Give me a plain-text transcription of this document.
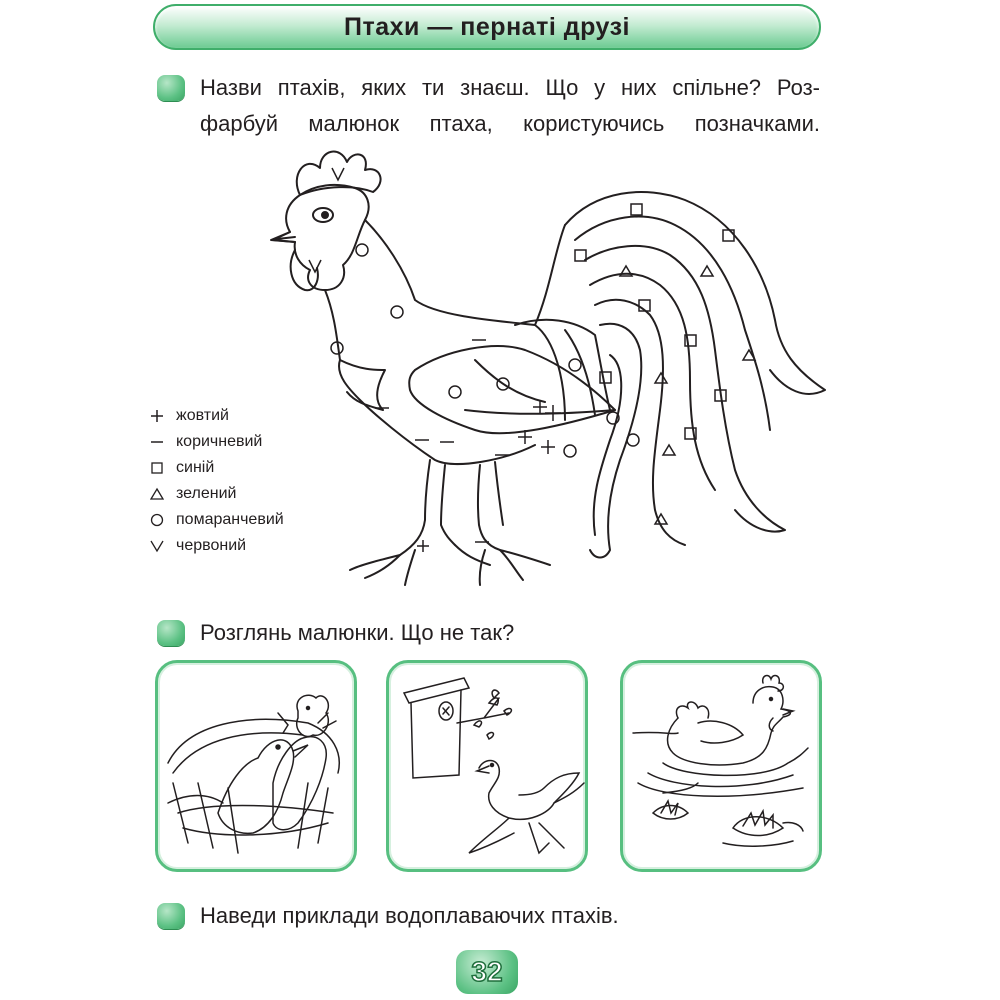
Птахи — пернаті друзі
Назви птахів, яких ти знаєш. Що у них спільне? Роз-
фарбуй малюнок птаха, користуючись позначками.
жовтий
коричневий
синій
зелений
помаранчевий
червоний
Розглянь малюнки. Що не так?
Наведи приклади водоплаваючих птахів.
32
